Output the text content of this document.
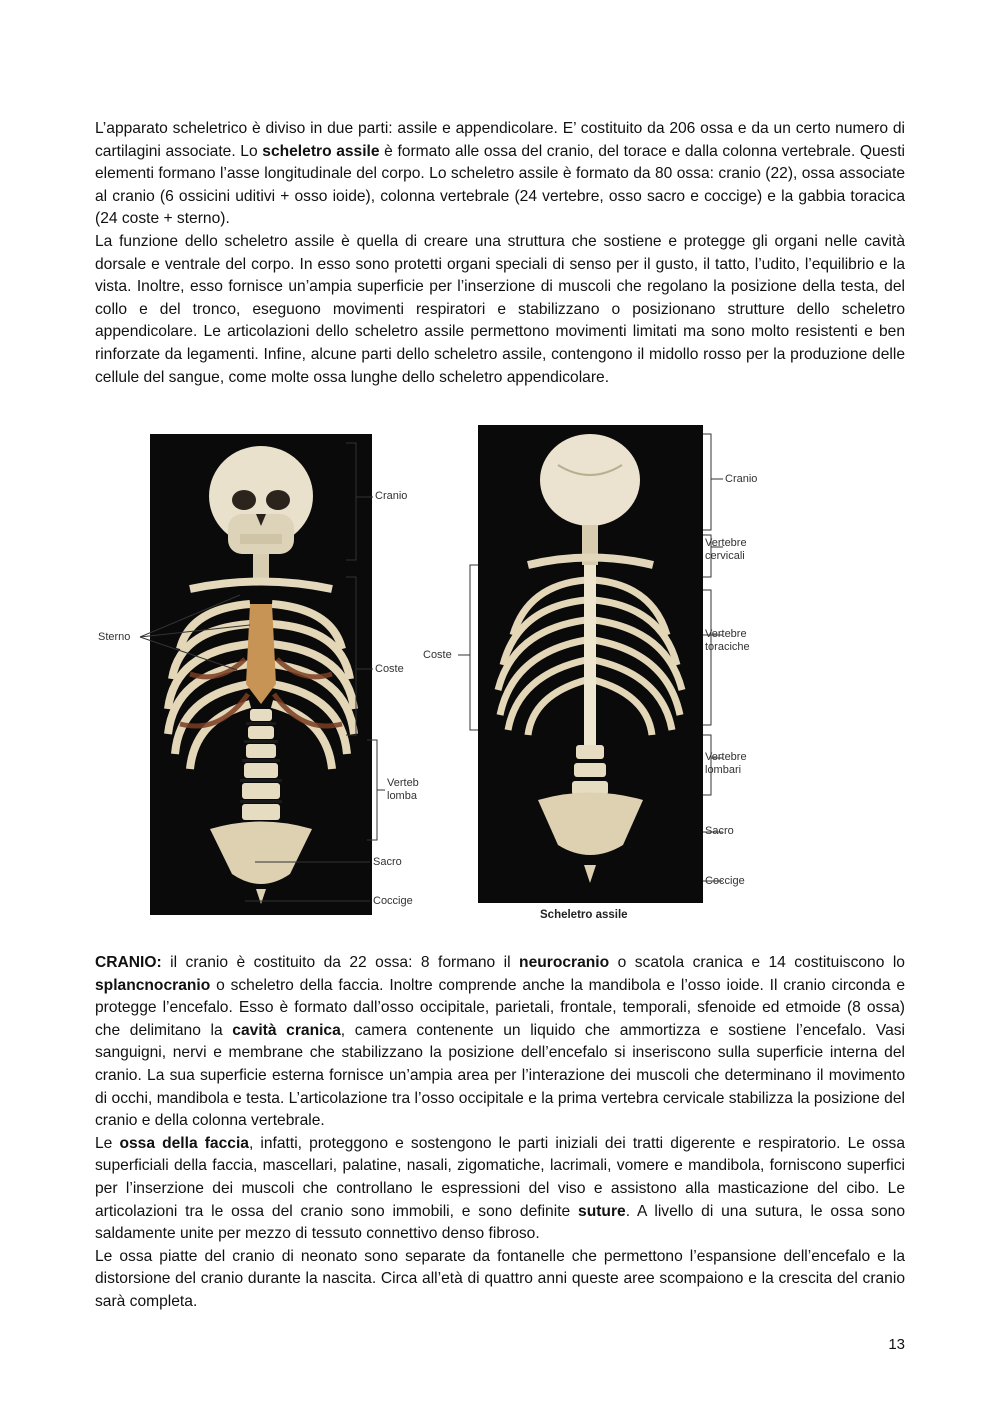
L’apparato scheletrico è diviso in due parti: assile e appendicolare. E’ costituito da 206 ossa e da un certo numero di cartilagini associate. Lo scheletro assile è formato alle ossa del cranio, del torace e dalla colonna vertebrale. Questi elementi formano l’asse longitudinale del corpo. Lo scheletro assile è formato da 80 ossa: cranio (22), ossa associate al cranio (6 ossicini uditivi + osso ioide), colonna vertebrale (24 vertebre, osso sacro e coccige) e la gabbia toracica (24 coste + sterno).

La funzione dello scheletro assile è quella di creare una struttura che sostiene e protegge gli organi nelle cavità dorsale e ventrale del corpo. In esso sono protetti organi speciali di senso per il gusto, il tatto, l’udito, l’equilibrio e la vista. Inoltre, esso fornisce un’ampia superficie per l’inserzione di muscoli che regolano la posizione della testa, del collo e del tronco, eseguono movimenti respiratori e stabilizzano o posizionano strutture dello scheletro appendicolare. Le articolazioni dello scheletro assile permettono movimenti limitati ma sono molto resistenti e ben rinforzate da legamenti. Infine, alcune parti dello scheletro assile, contengono il midollo rosso per la produzione delle cellule del sangue, come molte ossa lunghe dello scheletro appendicolare.

Cranio
Sterno
Coste
Verteb
lomba
Sacro
Coccige
Cranio
Vertebre
cervicali
Coste
Vertebre
toraciche
Vertebre
lombari
Sacro
Coccige
Scheletro assile

CRANIO: il cranio è costituito da 22 ossa: 8 formano il neurocranio o scatola cranica e 14 costituiscono lo splancnocranio o scheletro della faccia. Inoltre comprende anche la mandibola e l’osso ioide. Il cranio circonda e protegge l’encefalo. Esso è formato dall’osso occipitale, parietali, frontale, temporali, sfenoide ed etmoide (8 ossa) che delimitano la cavità cranica, camera contenente un liquido che ammortizza e sostiene l’encefalo. Vasi sanguigni, nervi e membrane che stabilizzano la posizione dell’encefalo si inseriscono sulla superficie interna del cranio. La sua superficie esterna fornisce un’ampia area per l’interazione dei muscoli che determinano il movimento di occhi, mandibola e testa. L’articolazione tra l’osso occipitale e la prima vertebra cervicale stabilizza la posizione del cranio e della colonna vertebrale.

Le ossa della faccia, infatti, proteggono e sostengono le parti iniziali dei tratti digerente e respiratorio. Le ossa superficiali della faccia, mascellari, palatine, nasali, zigomatiche, lacrimali, vomere e mandibola, forniscono superfici per l’inserzione dei muscoli che controllano le espressioni del viso e assistono alla masticazione del cibo. Le articolazioni tra le ossa del cranio sono immobili, e sono definite suture. A livello di una sutura, le ossa sono saldamente unite per mezzo di tessuto connettivo denso fibroso.

Le ossa piatte del cranio di neonato sono separate da fontanelle che permettono l’espansione dell’encefalo e la distorsione del cranio durante la nascita. Circa all’età di quattro anni queste aree scompaiono e la crescita del cranio sarà completa.

13
